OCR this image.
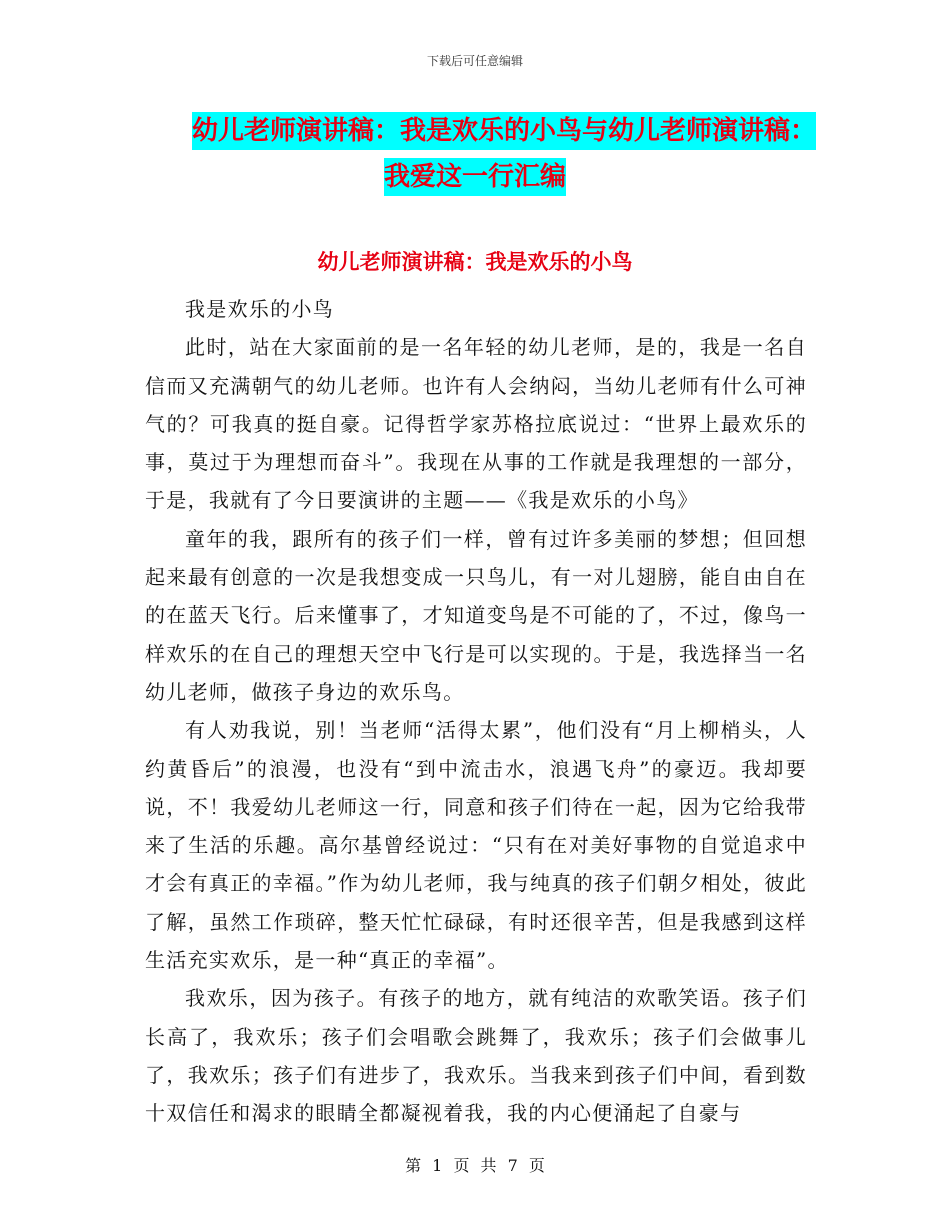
下载后可任意编辑
幼儿老师演讲稿：我是欢乐的小鸟与幼儿老师演讲稿：
我爱这一行汇编
幼儿老师演讲稿：我是欢乐的小鸟

我是欢乐的小鸟

此时，站在大家面前的是一名年轻的幼儿老师，是的，我是一名自信而又充满朝气的幼儿老师。也许有人会纳闷，当幼儿老师有什么可神气的？可我真的挺自豪。记得哲学家苏格拉底说过：“世界上最欢乐的事，莫过于为理想而奋斗”。我现在从事的工作就是我理想的一部分，于是，我就有了今日要演讲的主题——《我是欢乐的小鸟》

童年的我，跟所有的孩子们一样，曾有过许多美丽的梦想；但回想起来最有创意的一次是我想变成一只鸟儿，有一对儿翅膀，能自由自在的在蓝天飞行。后来懂事了，才知道变鸟是不可能的了，不过，像鸟一样欢乐的在自己的理想天空中飞行是可以实现的。于是，我选择当一名幼儿老师，做孩子身边的欢乐鸟。

有人劝我说，别！当老师“活得太累”，他们没有“月上柳梢头，人约黄昏后”的浪漫，也没有“到中流击水，浪遇飞舟”的豪迈。我却要说，不！我爱幼儿老师这一行，同意和孩子们待在一起，因为它给我带来了生活的乐趣。高尔基曾经说过：“只有在对美好事物的自觉追求中才会有真正的幸福。”作为幼儿老师，我与纯真的孩子们朝夕相处，彼此了解，虽然工作琐碎，整天忙忙碌碌，有时还很辛苦，但是我感到这样生活充实欢乐，是一种“真正的幸福”。

我欢乐，因为孩子。有孩子的地方，就有纯洁的欢歌笑语。孩子们长高了，我欢乐；孩子们会唱歌会跳舞了，我欢乐；孩子们会做事儿了，我欢乐；孩子们有进步了，我欢乐。当我来到孩子们中间，看到数十双信任和渴求的眼睛全都凝视着我，我的内心便涌起了自豪与

第 1 页 共 7 页
